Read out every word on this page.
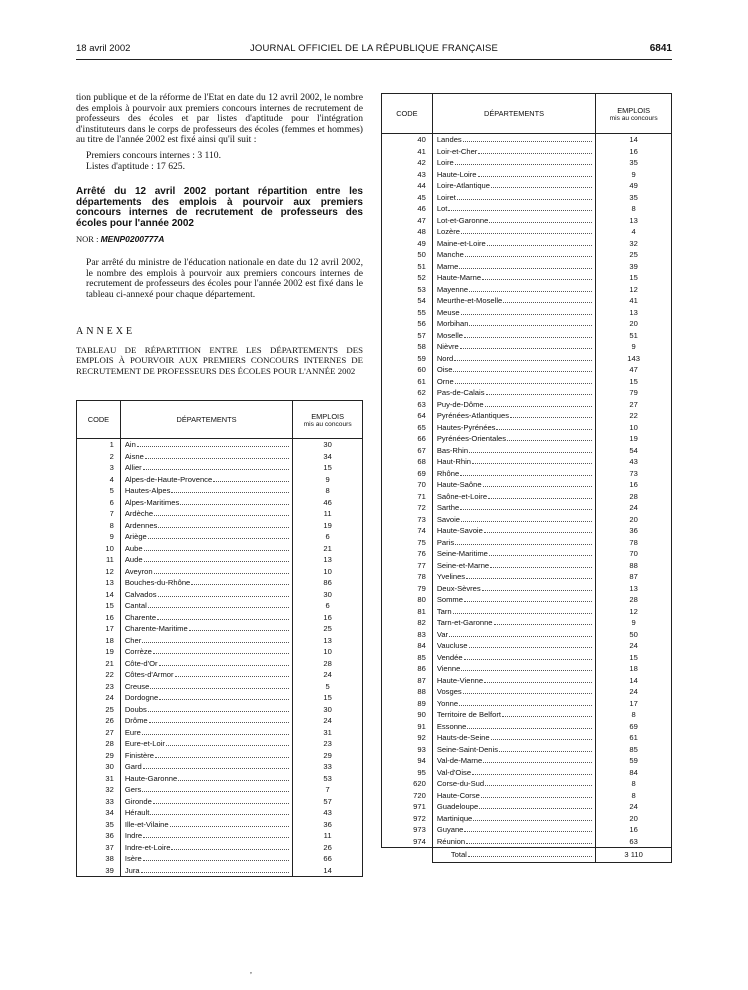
18 avril 2002	JOURNAL OFFICIEL DE LA RÉPUBLIQUE FRANÇAISE	6841

tion publique et de la réforme de l'Etat en date du 12 avril 2002, le nombre des emplois à pourvoir aux premiers concours internes de recrutement de professeurs des écoles et par listes d'aptitude pour l'intégration d'instituteurs dans le corps de professeurs des écoles (femmes et hommes) au titre de l'année 2002 est fixé ainsi qu'il suit :

Premiers concours internes : 3 110.

Listes d'aptitude : 17 625.

Arrêté du 12 avril 2002 portant répartition entre les départements des emplois à pourvoir aux premiers concours internes de recrutement de professeurs des écoles pour l'année 2002

NOR : MENP0200777A

Par arrêté du ministre de l'éducation nationale en date du 12 avril 2002, le nombre des emplois à pourvoir aux premiers concours internes de recrutement de professeurs des écoles pour l'année 2002 est fixé dans le tableau ci-annexé pour chaque département.

ANNEXE

TABLEAU DE RÉPARTITION ENTRE LES DÉPARTEMENTS DES EMPLOIS À POURVOIR AUX PREMIERS CONCOURS INTERNES DE RECRUTEMENT DE PROFESSEURS DES ÉCOLES POUR L'ANNÉE 2002

CODE	DÉPARTEMENTS	EMPLOIS
mis au concours

1	Ain	30
2	Aisne	34
3	Allier	15
4	Alpes-de-Haute-Provence	9
5	Hautes-Alpes	8
6	Alpes-Maritimes	46
7	Ardèche	11
8	Ardennes	19
9	Ariège	6
10	Aube	21
11	Aude	13
12	Aveyron	10
13	Bouches-du-Rhône	86
14	Calvados	30
15	Cantal	6
16	Charente	16
17	Charente-Maritime	25
18	Cher	13
19	Corrèze	10
21	Côte-d'Or	28
22	Côtes-d'Armor	24
23	Creuse	5
24	Dordogne	15
25	Doubs	30
26	Drôme	24
27	Eure	31
28	Eure-et-Loir	23
29	Finistère	29
30	Gard	33
31	Haute-Garonne	53
32	Gers	7
33	Gironde	57
34	Hérault	43
35	Ille-et-Vilaine	36
36	Indre	11
37	Indre-et-Loire	26
38	Isère	66
39	Jura	14
CODE	DÉPARTEMENTS	EMPLOIS
mis au concours

40	Landes	14
41	Loir-et-Cher	16
42	Loire	35
43	Haute-Loire	9
44	Loire-Atlantique	49
45	Loiret	35
46	Lot	8
47	Lot-et-Garonne	13
48	Lozère	4
49	Maine-et-Loire	32
50	Manche	25
51	Marne	39
52	Haute-Marne	15
53	Mayenne	12
54	Meurthe-et-Moselle	41
55	Meuse	13
56	Morbihan	20
57	Moselle	51
58	Nièvre	9
59	Nord	143
60	Oise	47
61	Orne	15
62	Pas-de-Calais	79
63	Puy-de-Dôme	27
64	Pyrénées-Atlantiques	22
65	Hautes-Pyrénées	10
66	Pyrénées-Orientales	19
67	Bas-Rhin	54
68	Haut-Rhin	43
69	Rhône	73
70	Haute-Saône	16
71	Saône-et-Loire	28
72	Sarthe	24
73	Savoie	20
74	Haute-Savoie	36
75	Paris	78
76	Seine-Maritime	70
77	Seine-et-Marne	88
78	Yvelines	87
79	Deux-Sèvres	13
80	Somme	28
81	Tarn	12
82	Tarn-et-Garonne	9
83	Var	50
84	Vaucluse	24
85	Vendée	15
86	Vienne	18
87	Haute-Vienne	14
88	Vosges	24
89	Yonne	17
90	Territoire de Belfort	8
91	Essonne	69
92	Hauts-de-Seine	61
93	Seine-Saint-Denis	85
94	Val-de-Marne	59
95	Val-d'Oise	84
620	Corse-du-Sud	8
720	Haute-Corse	8
971	Guadeloupe	24
972	Martinique	20
973	Guyane	16
974	Réunion	63

	Total	3 110
,
